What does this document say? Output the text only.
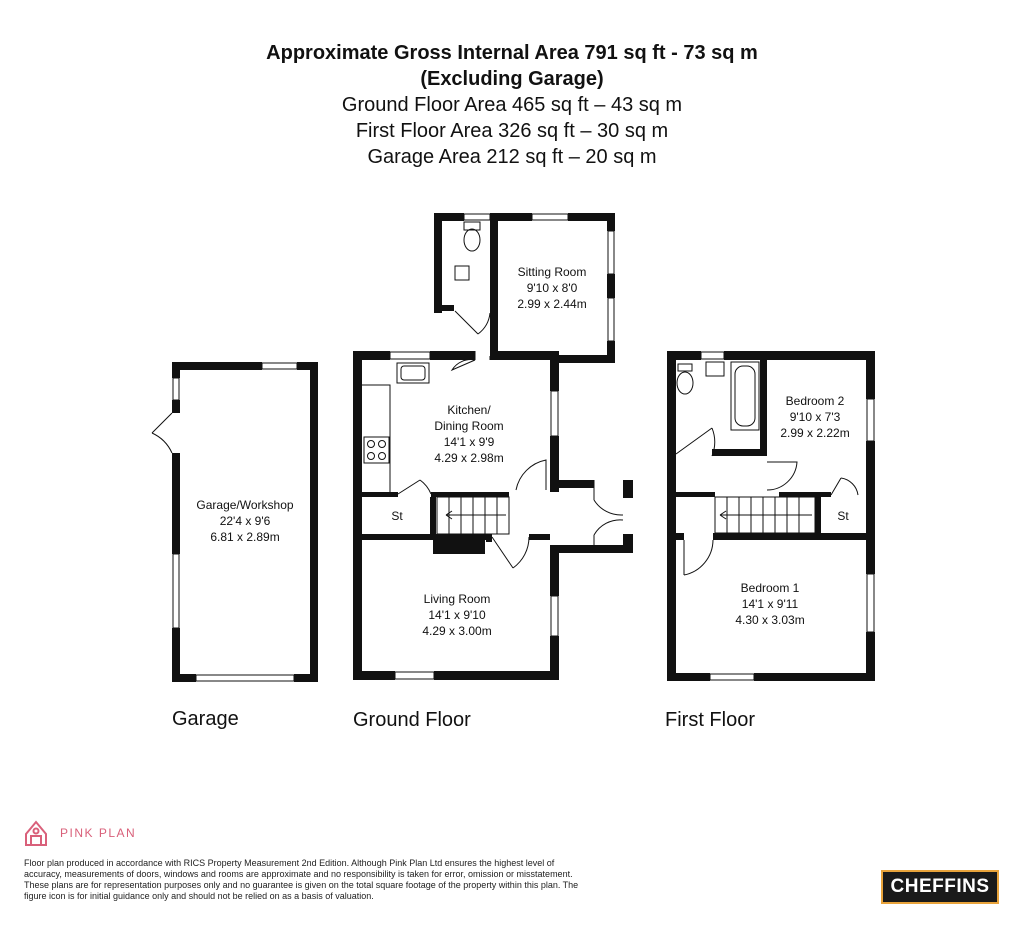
Approximate Gross Internal Area 791 sq ft - 73 sq m
(Excluding Garage)
Ground Floor Area 465 sq ft – 43 sq m
First Floor Area 326 sq ft – 30 sq m
Garage Area 212 sq ft – 20 sq m
Garage/Workshop
22'4 x 9'6
6.81 x 2.89m
Sitting Room
9'10 x 8'0
2.99 x 2.44m
Kitchen/
Dining Room
14'1 x 9'9
4.29 x 2.98m
Living Room
14'1 x 9'10
4.29 x 3.00m
St
Bedroom 2
9'10 x 7'3
2.99 x 2.22m
St
Bedroom 1
14'1 x 9'11
4.30 x 3.03m
Garage	Ground Floor	First Floor
PINK PLAN
Floor plan produced in accordance with RICS Property Measurement 2nd Edition. Although Pink Plan Ltd ensures the highest level of accuracy, measurements of doors, windows and rooms are approximate and no responsibility is taken for error, omission or misstatement. These plans are for representation purposes only and no guarantee is given on the total square footage of the property within this plan. The figure icon is for initial guidance only and should not be relied on as a basis of valuation.	CHEFFINS
